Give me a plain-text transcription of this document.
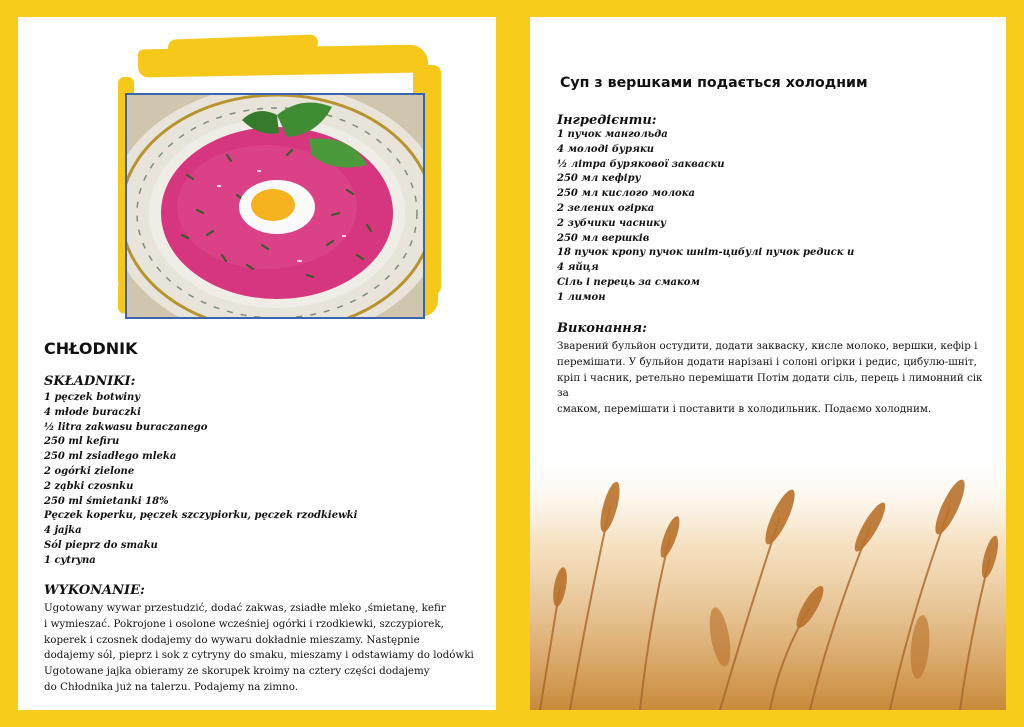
CHŁODNIK
SKŁADNIKI:
1 pęczek botwiny
4 młode buraczki
½ litra zakwasu buraczanego
250 ml kefiru
250 ml zsiadłego mleka
2 ogórki zielone
2 ząbki czosnku
250 ml śmietanki 18%
Pęczek koperku, pęczek szczypiorku, pęczek rzodkiewki
4 jajka
Sól pieprz do smaku
1 cytryna
WYKONANIE:
Ugotowany wywar przestudzić, dodać zakwas, zsiadłe mleko ,śmietanę, kefir
i wymieszać. Pokrojone i osolone wcześniej ogórki i rzodkiewki, szczypiorek,
koperek i czosnek dodajemy do wywaru dokładnie mieszamy. Następnie
dodajemy sól, pieprz i sok z cytryny do smaku, mieszamy i odstawiamy do lodówki
Ugotowane jajka obieramy ze skorupek kroimy na cztery części dodajemy
do Chłodnika już na talerzu. Podajemy na zimno.
Суп з вершками подається холодним
Інгредієнти:
1 пучок мангольда
4 молоді буряки
½ літра бурякової закваски
250 мл кефіру
250 мл кислого молока
2 зелених огірка
2 зубчики часнику
250 мл вершків
18 пучок кропу пучок шніт-цибулі пучок редиск и
4 яйця
Сіль і перець за смаком
1 лимон
Виконання:
Зварений бульйон остудити, додати закваску, кисле молоко, вершки, кефір і
перемішати. У бульйон додати нарізані і солоні огірки і редис, цибулю-шніт,
кріп і часник, ретельно перемішати Потім додати сіль, перець і лимонний сік за
смаком, перемішати і поставити в холодильник. Подаємо холодним.
